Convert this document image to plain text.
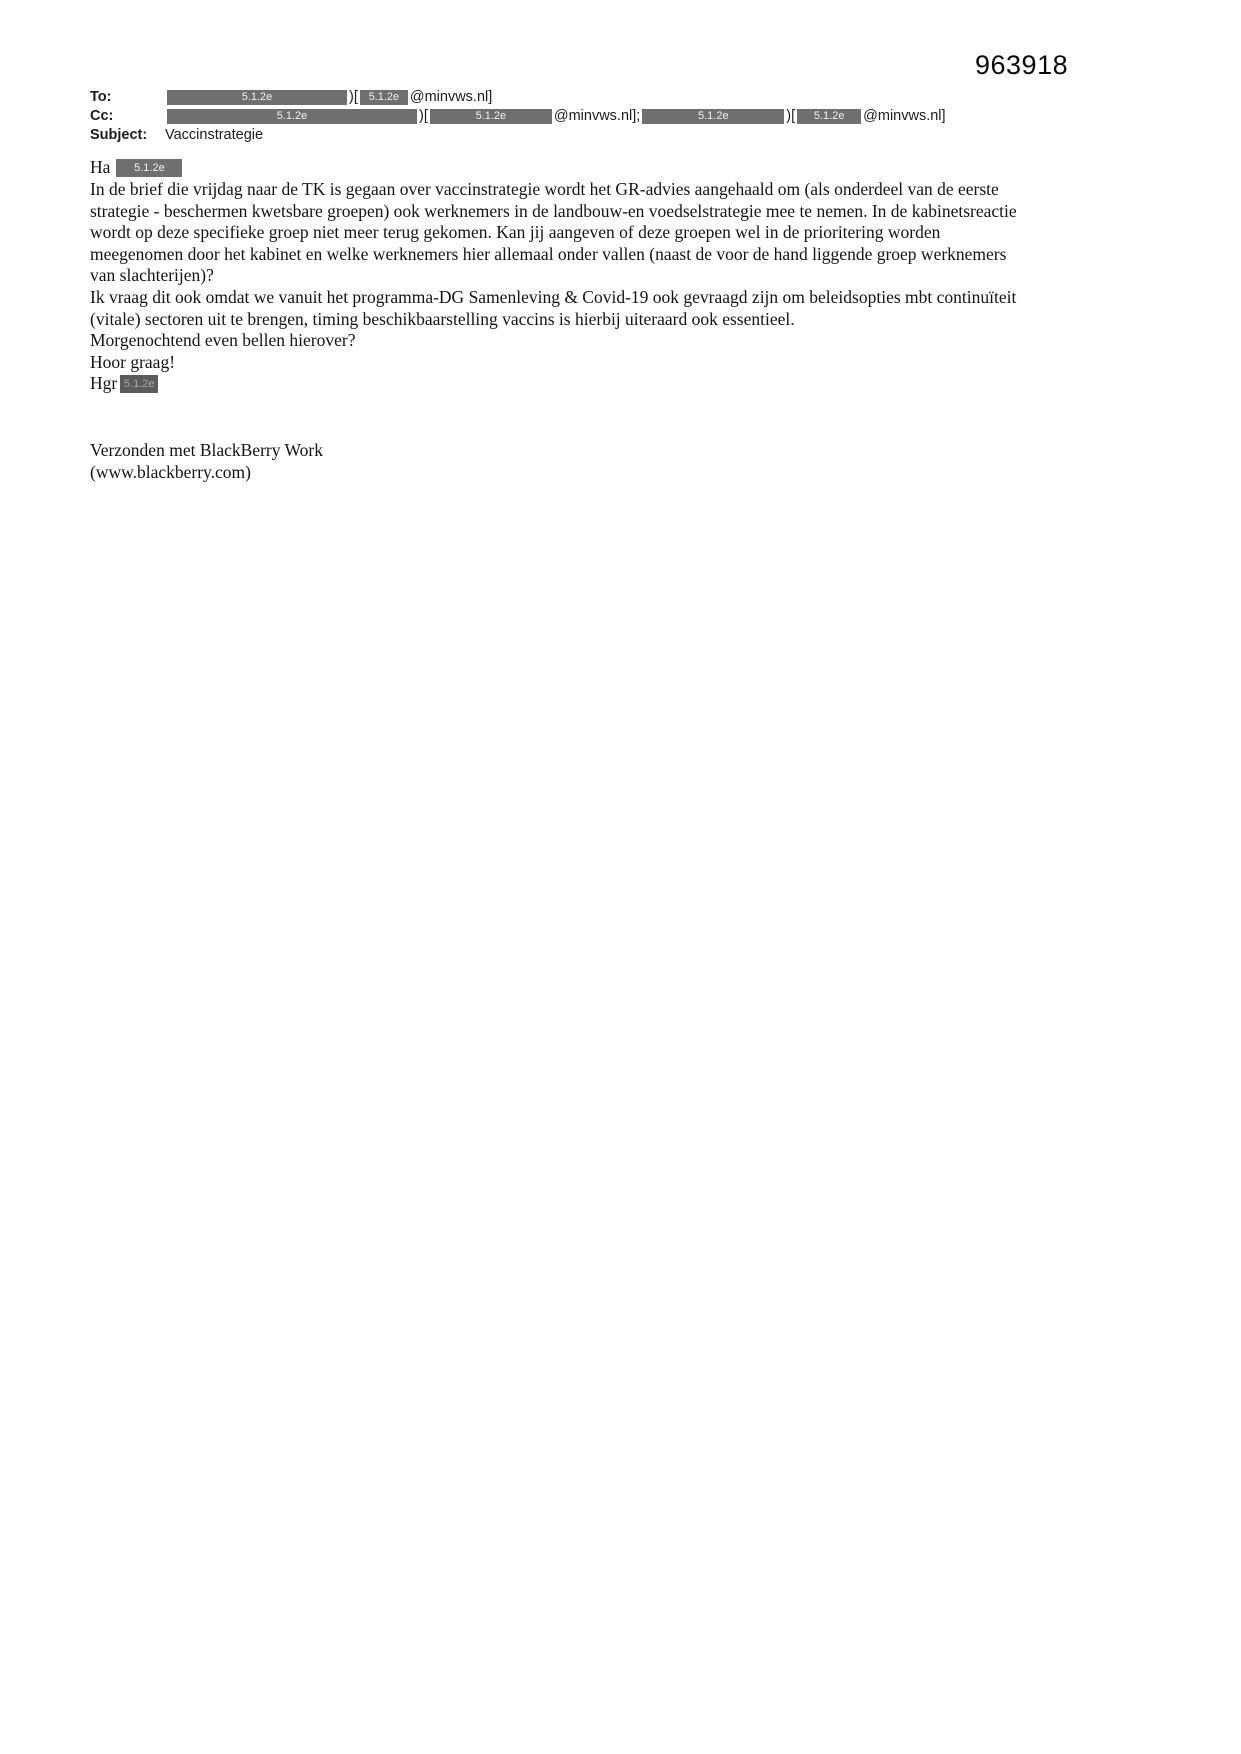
963918
To:	5.1.2e	)[ 5.1.2e @minvws.nl]
Cc:	5.1.2e	)[	5.1.2e	@minvws.nl];	5.1.2e	)[	5.1.2e	@minvws.nl]
Subject:	Vaccinstrategie

Ha 5.1.2e

In de brief die vrijdag naar de TK is gegaan over vaccinstrategie wordt het GR-advies aangehaald om (als onderdeel van de eerste strategie - beschermen kwetsbare groepen) ook werknemers in de landbouw-en voedselstrategie mee te nemen. In de kabinetsreactie wordt op deze specifieke groep niet meer terug gekomen. Kan jij aangeven of deze groepen wel in de prioritering worden meegenomen door het kabinet en welke werknemers hier allemaal onder vallen (naast de voor de hand liggende groep werknemers van slachterijen)?

Ik vraag dit ook omdat we vanuit het programma-DG Samenleving & Covid-19 ook gevraagd zijn om beleidsopties mbt continuïteit (vitale) sectoren uit te brengen, timing beschikbaarstelling vaccins is hierbij uiteraard ook essentieel.

Morgenochtend even bellen hierover?

Hoor graag!

Hgr 5.1.2e

Verzonden met BlackBerry Work

(www.blackberry.com)
